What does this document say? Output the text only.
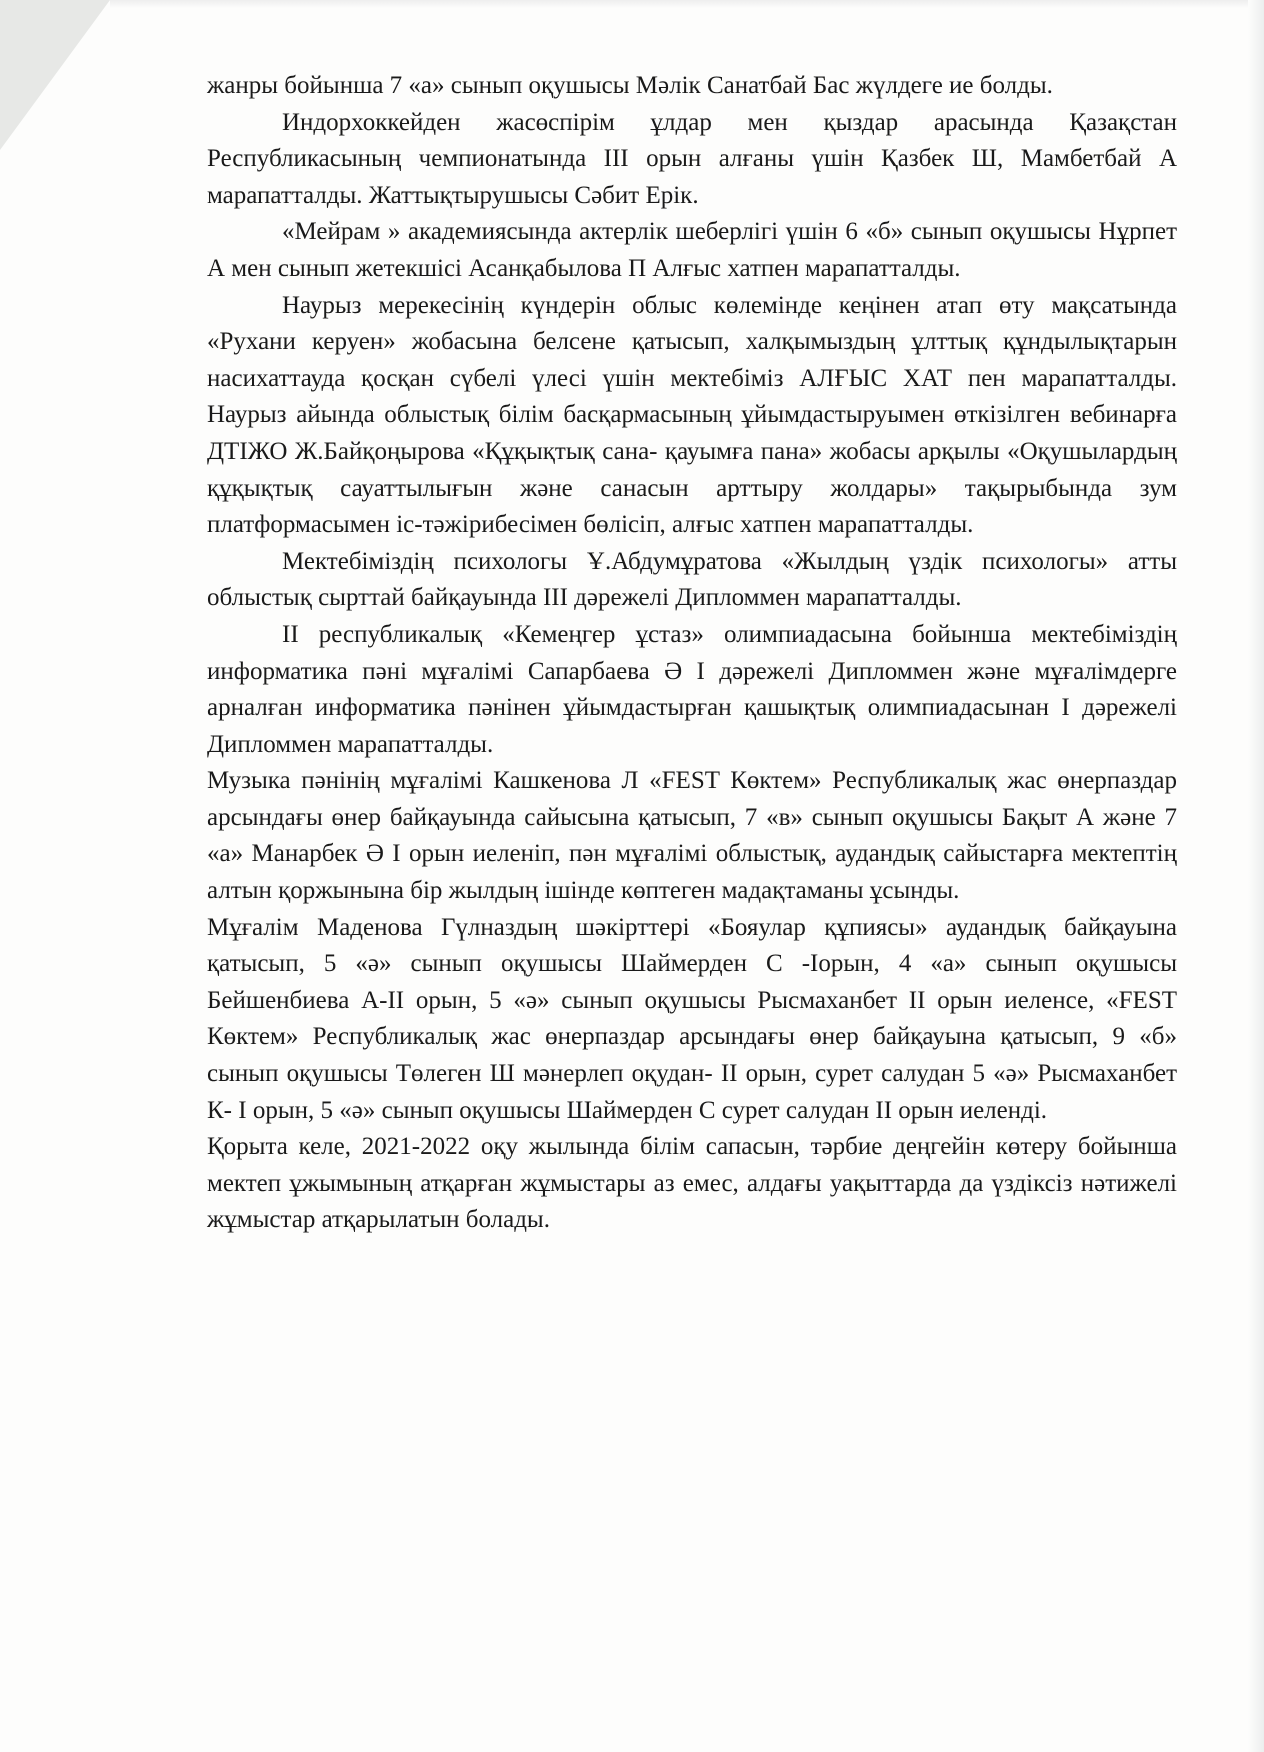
жанры бойынша 7 «а» сынып оқушысы Мәлік Санатбай Бас жүлдеге ие болды.

Индорхоккейден жасөспірім ұлдар мен қыздар арасында Қазақстан Республикасының чемпионатында III орын алғаны үшін Қазбек Ш, Мамбетбай А марапатталды. Жаттықтырушысы Сәбит Ерік.

«Мейрам » академиясында актерлік шеберлігі үшін 6 «б» сынып оқушысы Нұрпет А мен сынып жетекшісі Асанқабылова П Алғыс хатпен марапатталды.

Наурыз мерекесінің күндерін облыс көлемінде кеңінен атап өту мақсатында «Рухани керуен» жобасына белсене қатысып, халқымыздың ұлттық құндылықтарын насихаттауда қосқан сүбелі үлесі үшін мектебіміз АЛҒЫС ХАТ пен марапатталды. Наурыз айында облыстық білім басқармасының ұйымдастыруымен өткізілген вебинарға ДТІЖО Ж.Байқоңырова «Құқықтық сана- қауымға пана» жобасы арқылы «Оқушылардың құқықтық сауаттылығын және санасын арттыру жолдары» тақырыбында зум платформасымен іс-тәжірибесімен бөлісіп, алғыс хатпен марапатталды.

Мектебіміздің психологы Ұ.Абдумұратова «Жылдың үздік психологы» атты облыстық сырттай байқауында III дәрежелі Дипломмен марапатталды.

II республикалық «Кемеңгер ұстаз» олимпиадасына бойынша мектебіміздің информатика пәні мұғалімі Сапарбаева Ә I дәрежелі Дипломмен және мұғалімдерге арналған информатика пәнінен ұйымдастырған қашықтық олимпиадасынан I дәрежелі Дипломмен марапатталды.

Музыка пәнінің мұғалімі Кашкенова Л «FEST Көктем» Республикалық жас өнерпаздар арсындағы өнер байқауында сайысына қатысып, 7 «в» сынып оқушысы Бақыт А және 7 «а» Манарбек Ә I орын иеленіп, пән мұғалімі облыстық, аудандық сайыстарға мектептің алтын қоржынына бір жылдың ішінде көптеген мадақтаманы ұсынды.

Мұғалім Маденова Гүлназдың шәкірттері «Бояулар құпиясы» аудандық байқауына қатысып, 5 «ә» сынып оқушысы Шаймерден С -Iорын, 4 «а» сынып оқушысы Бейшенбиева А-II орын, 5 «ә» сынып оқушысы Рысмаханбет II орын иеленсе, «FEST Көктем» Республикалық жас өнерпаздар арсындағы өнер байқауына қатысып, 9 «б» сынып оқушысы Төлеген Ш мәнерлеп оқудан- II орын, сурет салудан 5 «ә» Рысмаханбет К- I орын, 5 «ә» сынып оқушысы Шаймерден С сурет салудан II орын иеленді.

Қорыта келе, 2021-2022 оқу жылында білім сапасын, тәрбие деңгейін көтеру бойынша мектеп ұжымының атқарған жұмыстары аз емес, алдағы уақыттарда да үздіксіз нәтижелі жұмыстар атқарылатын болады.
